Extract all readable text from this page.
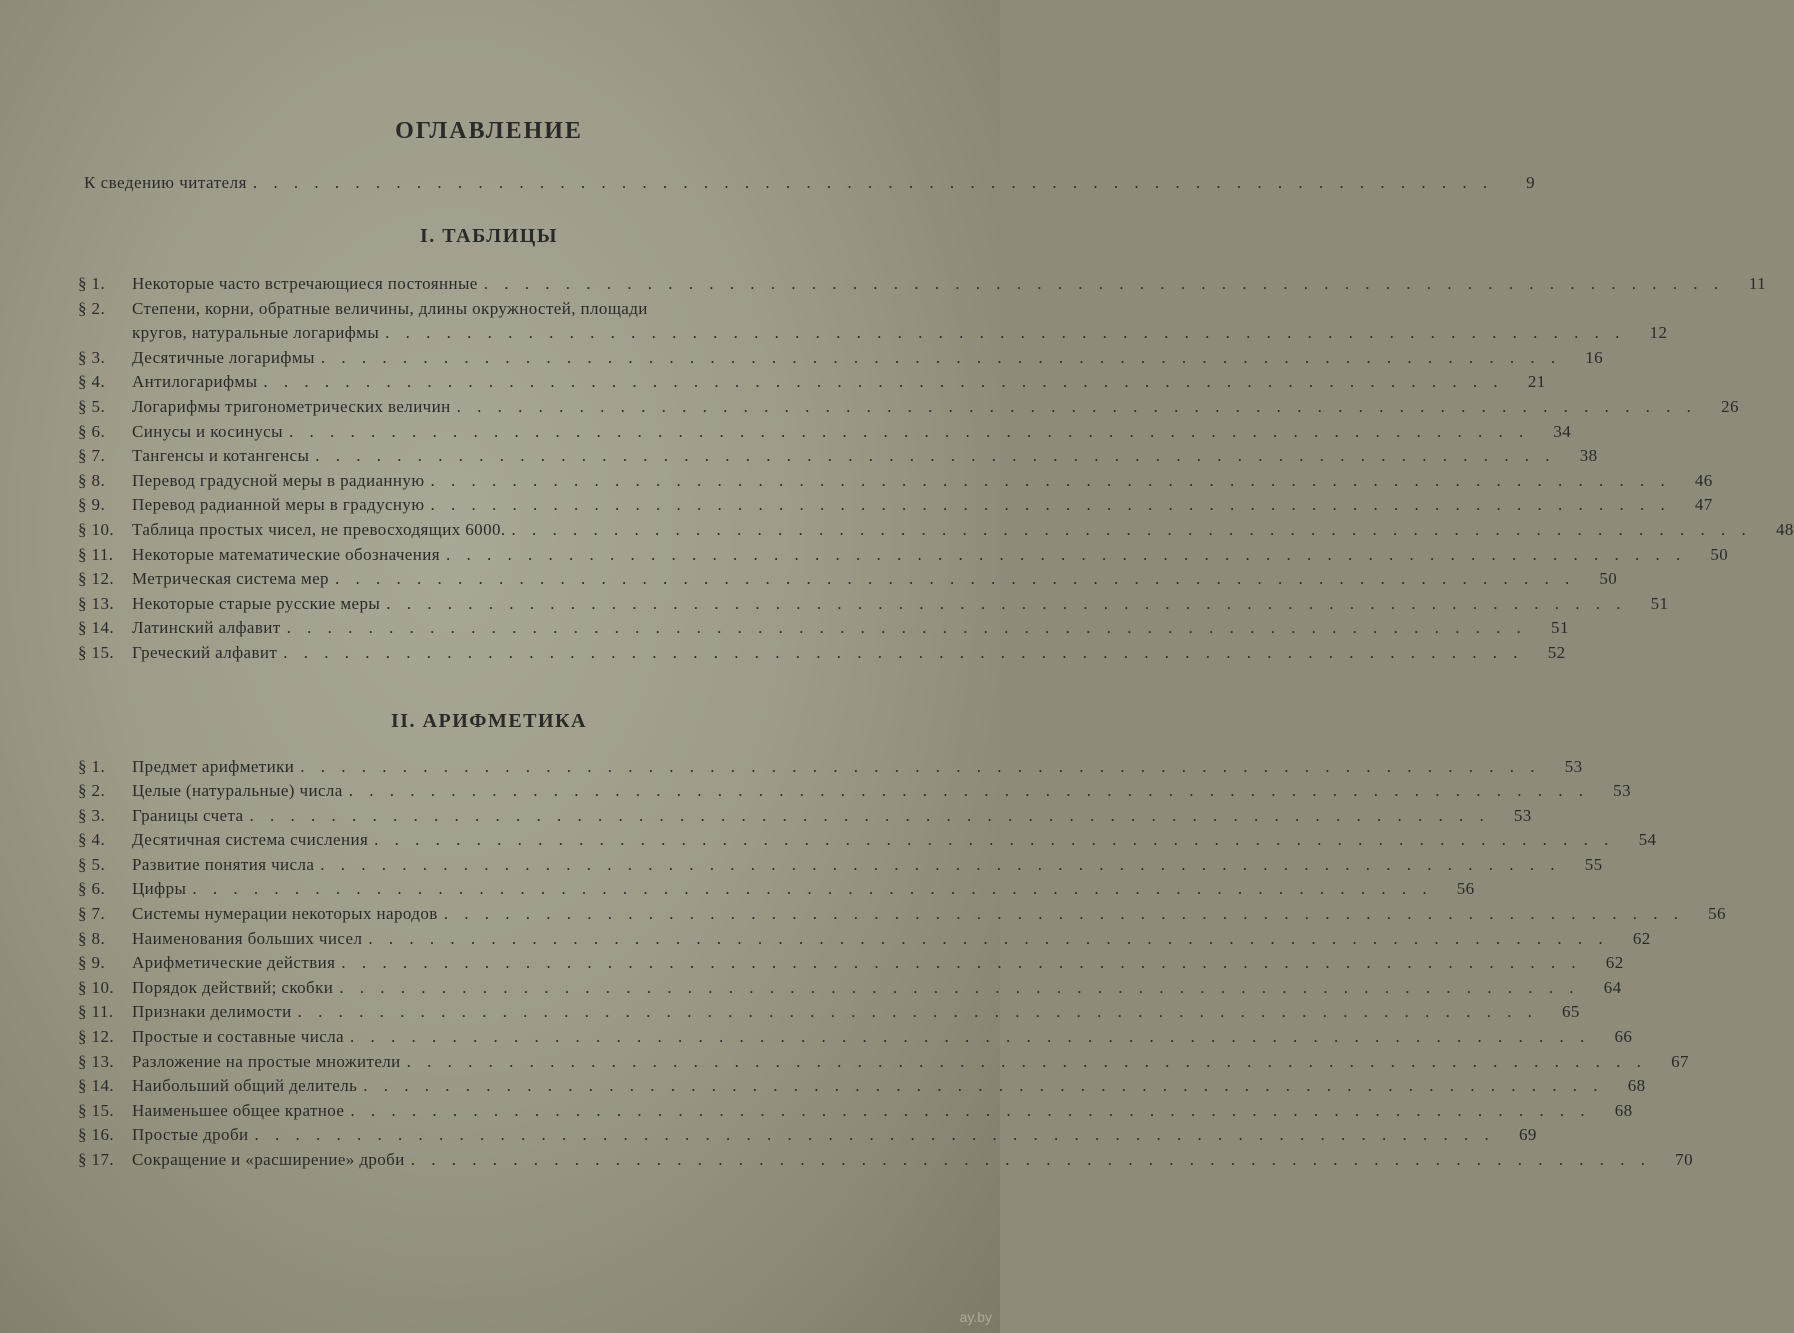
ОГЛАВЛЕНИЕ
К сведению читателя . . .	9
I. ТАБЛИЦЫ
§ 1.	Некоторые часто встречающиеся постоянные . . .	11
§ 2.	Степени, корни, обратные величины, длины окружностей, площади
кругов, натуральные логарифмы . . .	12
§ 3.	Десятичные логарифмы . . .	16
§ 4.	Антилогарифмы . . .	21
§ 5.	Логарифмы тригонометрических величин . . .	26
§ 6.	Синусы и косинусы . . .	34
§ 7.	Тангенсы и котангенсы . . .	38
§ 8.	Перевод градусной меры в радианную . . .	46
§ 9.	Перевод радианной меры в градусную . . .	47
§ 10.	Таблица простых чисел, не превосходящих 6000. . . .	48
§ 11.	Некоторые математические обозначения . . .	50
§ 12.	Метрическая система мер . . .	50
§ 13.	Некоторые старые русские меры . . .	51
§ 14.	Латинский алфавит . . .	51
§ 15.	Греческий алфавит . . .	52
II. АРИФМЕТИКА
§ 1.	Предмет арифметики . . .	53
§ 2.	Целые (натуральные) числа . . .	53
§ 3.	Границы счета . . .	53
§ 4.	Десятичная система счисления . . .	54
§ 5.	Развитие понятия числа . . .	55
§ 6.	Цифры . . .	56
§ 7.	Системы нумерации некоторых народов . . .	56
§ 8.	Наименования больших чисел . . .	62
§ 9.	Арифметические действия . . .	62
§ 10.	Порядок действий; скобки . . .	64
§ 11.	Признаки делимости . . .	65
§ 12.	Простые и составные числа . . .	66
§ 13.	Разложение на простые множители . . .	67
§ 14.	Наибольший общий делитель . . .	68
§ 15.	Наименьшее общее кратное . . .	68
§ 16.	Простые дроби . . .	69
§ 17.	Сокращение и «расширение» дроби . . .	70
ay.by
